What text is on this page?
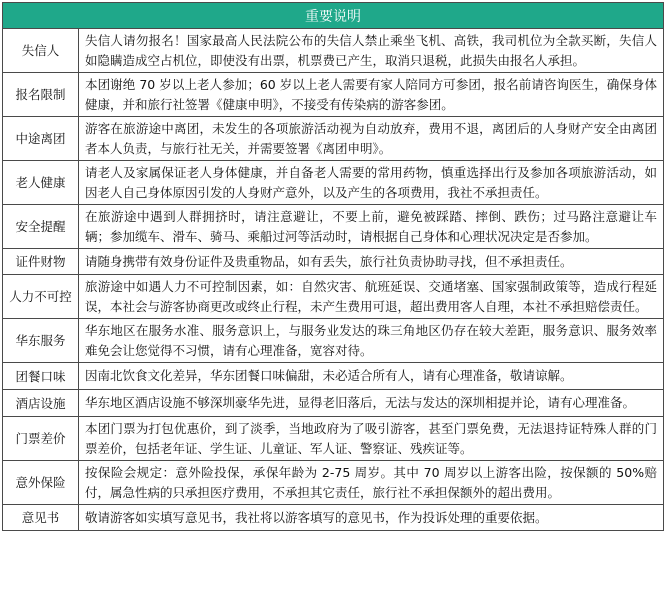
重要说明	
失信人	失信人请勿报名！国家最高人民法院公布的失信人禁止乘坐飞机、高铁，我司机位为全款买断，失信人如隐瞒造成空占机位，即使没有出票，机票费已产生，取消只退税，此损失由报名人承担。
报名限制	本团谢绝 70 岁以上老人参加；60 岁以上老人需要有家人陪同方可参团，报名前请咨询医生，确保身体健康，并和旅行社签署《健康申明》，不接受有传染病的游客参团。
中途离团	游客在旅游途中离团，未发生的各项旅游活动视为自动放弃，费用不退，离团后的人身财产安全由离团者本人负责，与旅行社无关，并需要签署《离团申明》。
老人健康	请老人及家属保证老人身体健康，并自备老人需要的常用药物，慎重选择出行及参加各项旅游活动，如因老人自己身体原因引发的人身财产意外，以及产生的各项费用，我社不承担责任。
安全提醒	在旅游途中遇到人群拥挤时，请注意避让，不要上前，避免被踩踏、摔倒、跌伤；过马路注意避让车辆；参加缆车、滑车、骑马、乘船过河等活动时，请根据自己身体和心理状况决定是否参加。
证件财物	请随身携带有效身份证件及贵重物品，如有丢失，旅行社负责协助寻找，但不承担责任。
人力不可控	旅游途中如遇人力不可控制因素，如：自然灾害、航班延误、交通堵塞、国家强制政策等，造成行程延误，本社会与游客协商更改或终止行程，未产生费用可退，超出费用客人自理，本社不承担赔偿责任。
华东服务	华东地区在服务水准、服务意识上，与服务业发达的珠三角地区仍存在较大差距，服务意识、服务效率难免会让您觉得不习惯，请有心理准备，宽容对待。
团餐口味	因南北饮食文化差异，华东团餐口味偏甜，未必适合所有人，请有心理准备，敬请谅解。
酒店设施	华东地区酒店设施不够深圳豪华先进，显得老旧落后，无法与发达的深圳相提并论，请有心理准备。
门票差价	本团门票为打包优惠价，到了淡季，当地政府为了吸引游客，甚至门票免费，无法退持证特殊人群的门票差价，包括老年证、学生证、儿童证、军人证、警察证、残疾证等。
意外保险	按保险会规定：意外险投保，承保年龄为 2-75 周岁。其中 70 周岁以上游客出险，按保额的 50%赔付，属急性病的只承担医疗费用，不承担其它责任，旅行社不承担保额外的超出费用。
意见书	敬请游客如实填写意见书，我社将以游客填写的意见书，作为投诉处理的重要依据。
